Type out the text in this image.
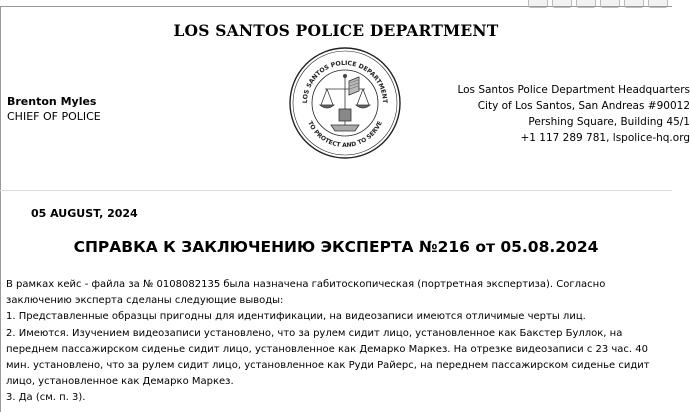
LOS SANTOS POLICE DEPARTMENT
LOS SANTOS POLICE DEPARTMENT
TO PROTECT AND TO SERVE
Brenton Myles
CHIEF OF POLICE
Los Santos Police Department Headquarters
City of Los Santos, San Andreas #90012
Pershing Square, Building 45/1
+1 117 289 781, lspolice-hq.org
05 AUGUST, 2024
СПРАВКА К ЗАКЛЮЧЕНИЮ ЭКСПЕРТА №216 от 05.08.2024

В рамках кейс - файла за № 0108082135 была назначена габитоскопическая (портретная экспертиза). Согласно заключению эксперта сделаны следующие выводы:

1. Представленные образцы пригодны для идентификации, на видеозаписи имеются отличимые черты лиц.

2. Имеются. Изучением видеозаписи установлено, что за рулем сидит лицо, установленное как Бакстер Буллок, на переднем пассажирском сиденье сидит лицо, установленное как Демарко Маркез. На отрезке видеозаписи с 23 час. 40 мин. установлено, что за рулем сидит лицо, установленное как Руди Райерс, на переднем пассажирском сиденье сидит лицо, установленное как Демарко Маркез.

3. Да (см. п. 3).
